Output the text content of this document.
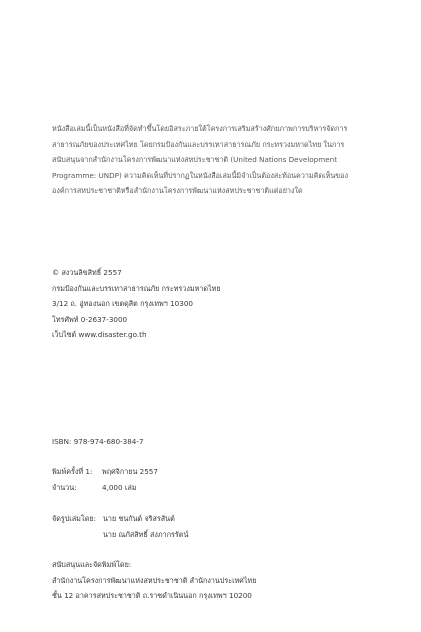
หนังสือเล่มนี้เป็นหนังสือที่จัดทำขึ้นโดยอิสระภายใต้โครงการเสริมสร้างศักยภาพการบริหารจัดการ
สาธารณภัยของประเทศไทย โดยกรมป้องกันและบรรเทาสาธารณภัย กระทรวงมหาดไทย ในการ
สนับสนุนจากสำนักงานโครงการพัฒนาแห่งสหประชาชาติ (United Nations Development
Programme: UNDP) ความคิดเห็นที่ปรากฏในหนังสือเล่มนี้มิจำเป็นต้องสะท้อนความคิดเห็นของ
องค์การสหประชาชาติหรือสำนักงานโครงการพัฒนาแห่งสหประชาชาติแต่อย่างใด
© สงวนลิขสิทธิ์ 2557
กรมป้องกันและบรรเทาสาธารณภัย กระทรวงมหาดไทย
3/12 ถ. อู่ทองนอก เขตดุสิต กรุงเทพฯ 10300
โทรศัพท์ 0-2637-3000
เว็บไซต์ www.disaster.go.th
ISBN: 978-974-680-384-7
พิมพ์ครั้งที่ 1: พฤศจิกายน 2557
จำนวน:	4,000 เล่ม
จัดรูปเล่มโดย: นาย ชนกันต์ จริสรสันต์
นาย ณภัสสิทธิ์ ส่งภากรรัตน์
สนับสนุนและจัดพิมพ์โดย:
สำนักงานโครงการพัฒนาแห่งสหประชาชาติ สำนักงานประเทศไทย
ชั้น 12 อาคารสหประชาชาติ ถ.ราชดำเนินนอก กรุงเทพฯ 10200
